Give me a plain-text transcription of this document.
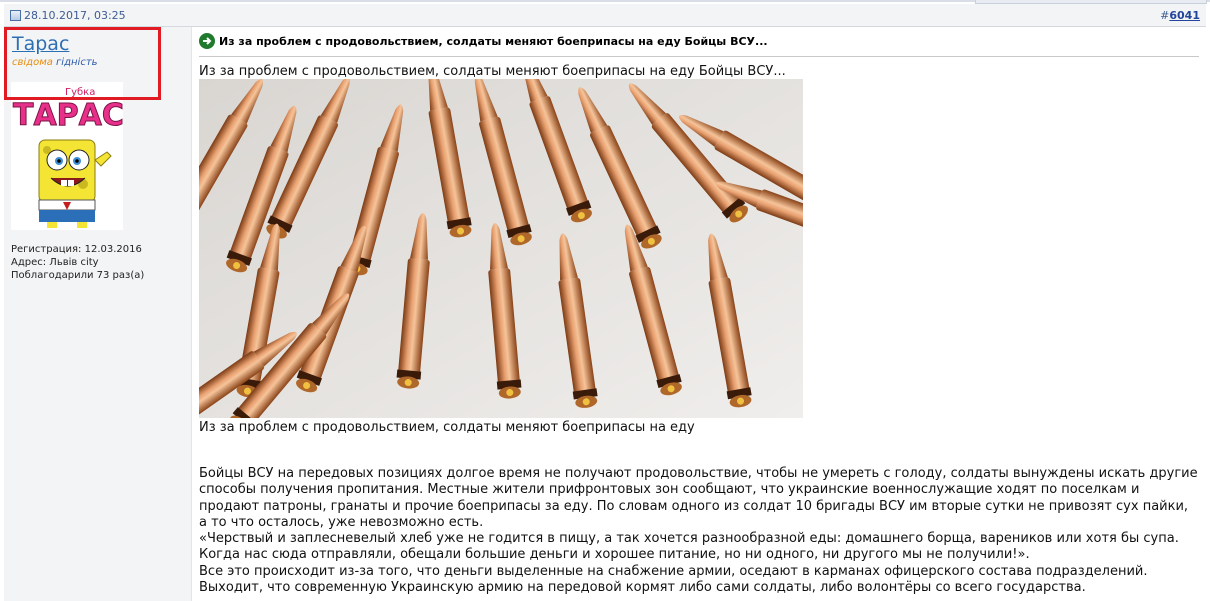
28.10.2017, 03:25	#6041
Тарас
свідома гідність
Губка
ТАРАС
Регистрация: 12.03.2016
Адрес: Львів city
Поблагодарили 73 раз(а)
Из за проблем с продовольствием, солдаты меняют боеприпасы на еду Бойцы ВСУ...
Из за проблем с продовольствием, солдаты меняют боеприпасы на еду Бойцы ВСУ...
Из за проблем с продовольствием, солдаты меняют боеприпасы на еду

Бойцы ВСУ на передовых позициях долгое время не получают продовольствие, чтобы не умереть с голоду, солдаты вынуждены искать другие способы получения пропитания. Местные жители прифронтовых зон сообщают, что украинские военнослужащие ходят по поселкам и продают патроны, гранаты и прочие боеприпасы за еду. По словам одного из солдат 10 бригады ВСУ им вторые сутки не привозят сух пайки, а то что осталось, уже невозможно есть.

«Черствый и заплесневелый хлеб уже не годится в пищу, а так хочется разнообразной еды: домашнего борща, вареников или хотя бы супа. Когда нас сюда отправляли, обещали большие деньги и хорошее питание, но ни одного, ни другого мы не получили!».

Все это происходит из-за того, что деньги выделенные на снабжение армии, оседают в карманах офицерского состава подразделений.

Выходит, что современную Украинскую армию на передовой кормят либо сами солдаты, либо волонтёры со всего государства.
